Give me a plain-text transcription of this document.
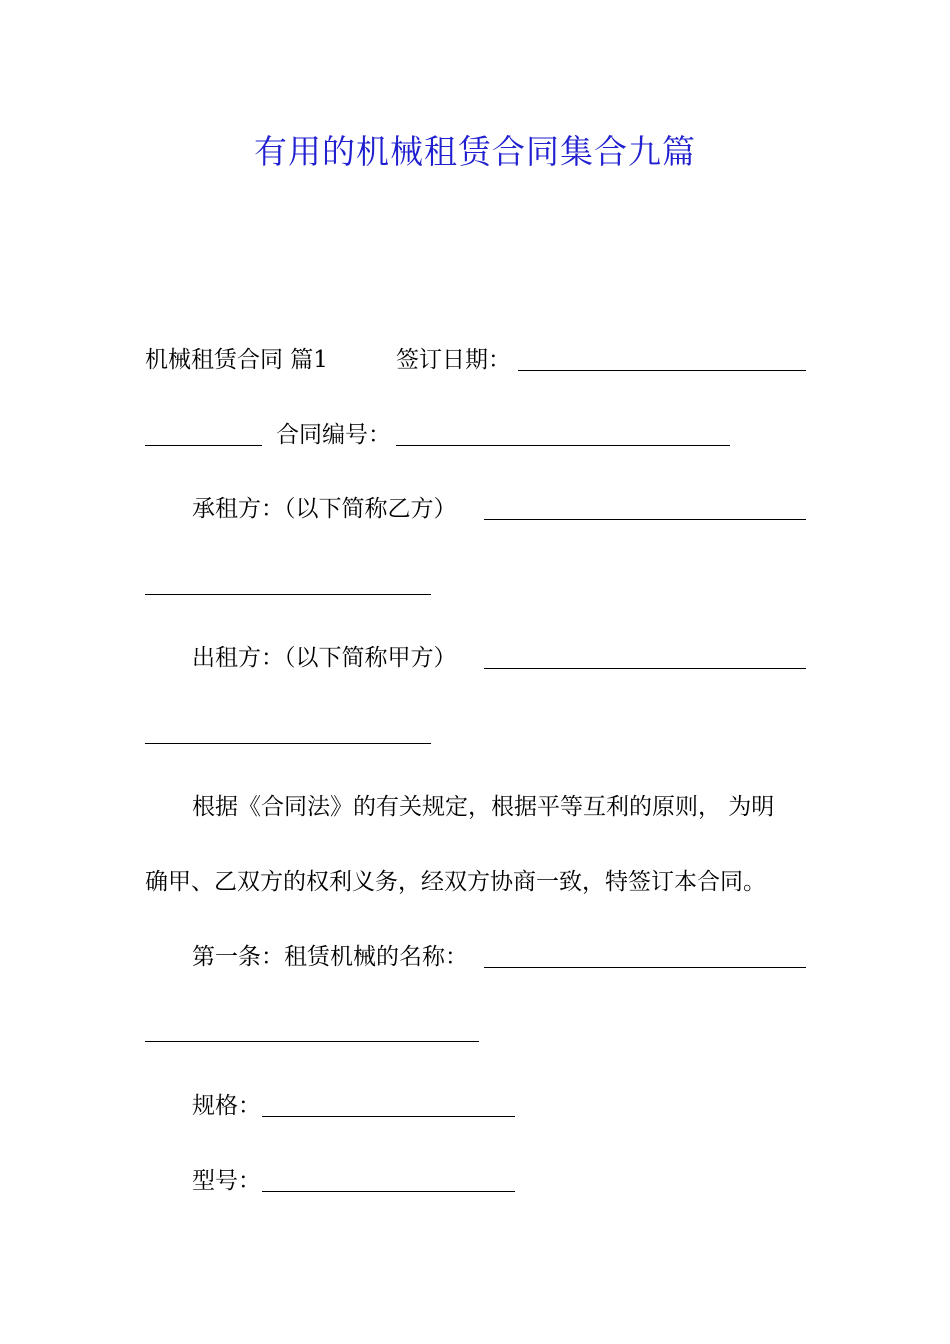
有用的机械租赁合同集合九篇
机械租赁合同 篇1	签订日期：
合同编号：
承租方：（以下简称乙方）
出租方：（以下简称甲方）
根据《合同法》的有关规定，根据平等互利的原则， 为明
确甲、乙双方的权利义务，经双方协商一致，特签订本合同。
第一条：租赁机械的名称：
规格：
型号：
